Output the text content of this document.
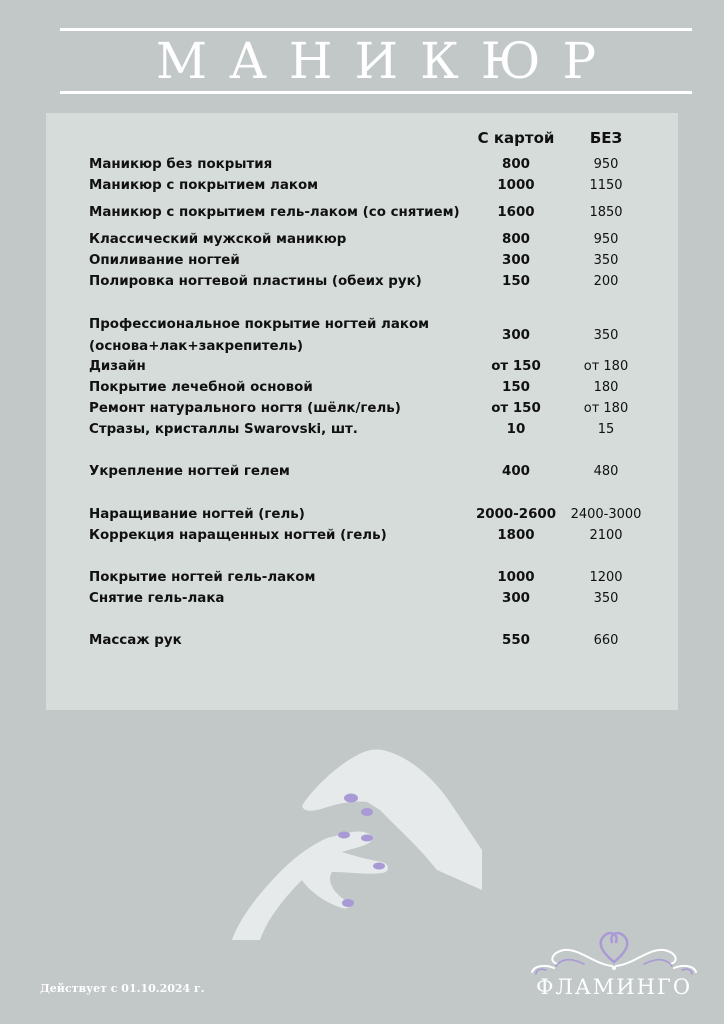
МАНИКЮР
С картой	БЕЗ
Маникюр без покрытия	800	950
Маникюр с покрытием лаком	1000	1150
Маникюр с покрытием гель-лаком (со снятием)	1600	1850
Классический мужской маникюр	800	950
Опиливание ногтей	300	350
Полировка ногтевой пластины (обеих рук)	150	200
Профессиональное покрытие ногтей лаком
(основа+лак+закрепитель)
300	350
Дизайн	от 150	от 180
Покрытие лечебной основой	150	180
Ремонт натурального ногтя (шёлк/гель)	от 150	от 180
Стразы, кристаллы Swarovski, шт.	10	15
Укрепление ногтей гелем	400	480
Наращивание ногтей (гель)	2000-2600	2400-3000
Коррекция наращенных ногтей (гель)	1800	2100
Покрытие ногтей гель-лаком	1000	1200
Снятие гель-лака	300	350
Массаж рук	550	660
Действует с 01.10.2024 г.	ФЛАМИНГО
